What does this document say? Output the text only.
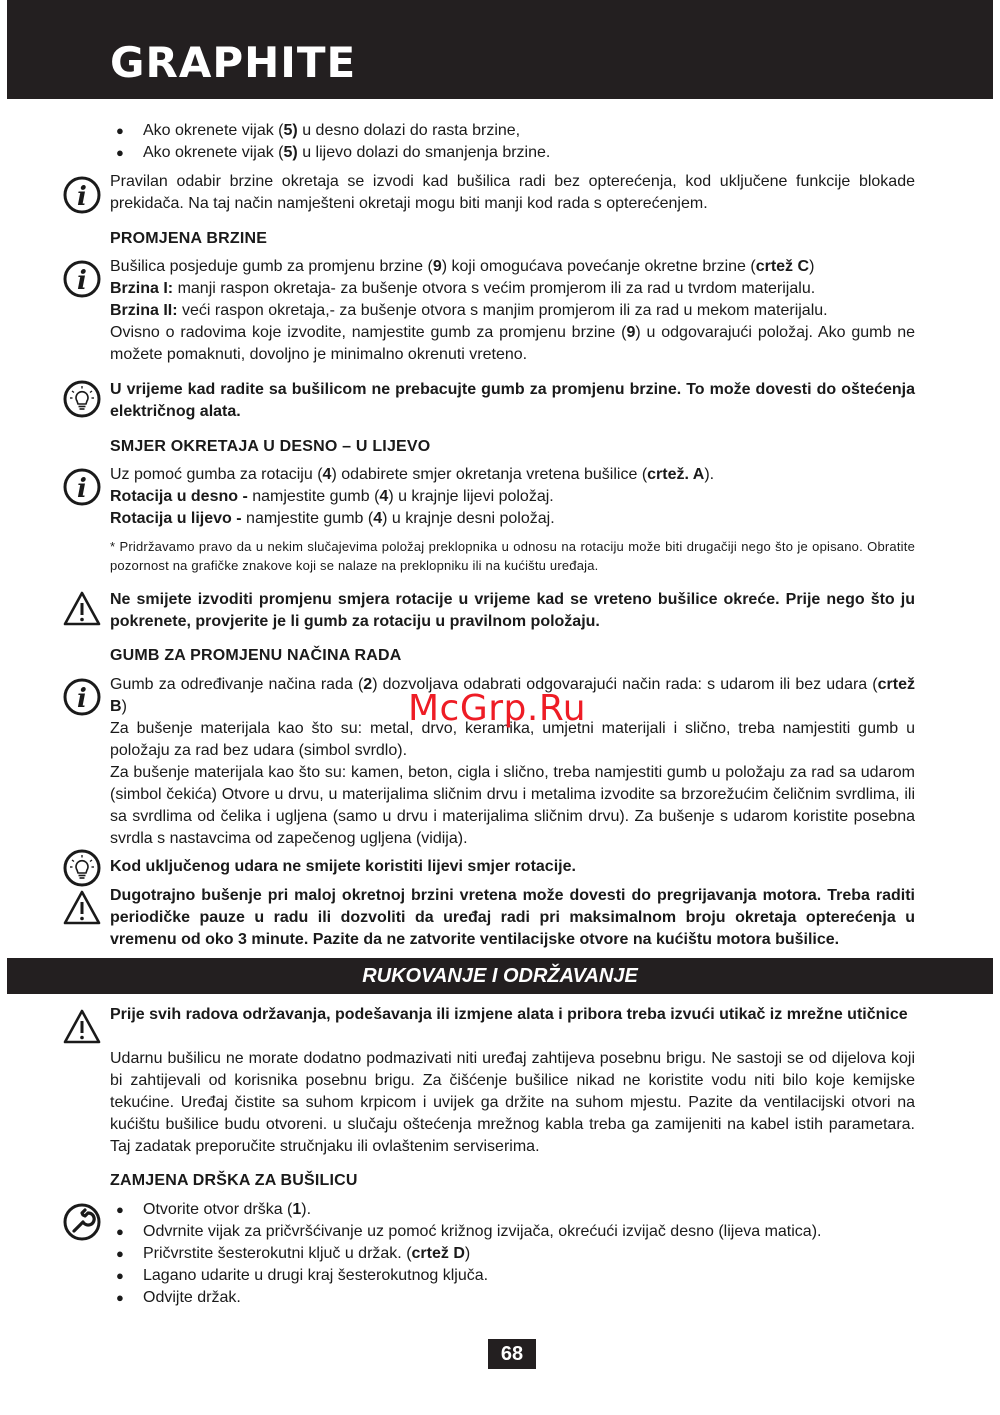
GRAPHITE
● Ako okrenete vijak (5) u desno dolazi do rasta brzine,
● Ako okrenete vijak (5) u lijevo dolazi do smanjenja brzine.
i
Pravilan odabir brzine okretaja se izvodi kad bušilica radi bez opterećenja, kod uključene funkcije blokade prekidača. Na taj način namješteni okretaji mogu biti manji kod rada s opterećenjem.
PROMJENA BRZINE
i Bušilica posjeduje gumb za promjenu brzine (9) koji omogućava povećanje okretne brzine (crtež C)
Brzina I: manji raspon okretaja- za bušenje otvora s većim promjerom ili za rad u tvrdom materijalu.
Brzina II: veći raspon okretaja,- za bušenje otvora s manjim promjerom ili za rad u mekom materijalu.
Ovisno o radovima koje izvodite, namjestite gumb za promjenu brzine (9) u odgovarajući položaj. Ako gumb ne možete pomaknuti, dovoljno je minimalno okrenuti vreteno.
U vrijeme kad radite sa bušilicom ne prebacujte gumb za promjenu brzine. To može dovesti do oštećenja električnog alata.
SMJER OKRETAJA U DESNO – U LIJEVO
i Uz pomoć gumba za rotaciju (4) odabirete smjer okretanja vretena bušilice (crtež. A).
Rotacija u desno - namjestite gumb (4) u krajnje lijevi položaj.
Rotacija u lijevo - namjestite gumb (4) u krajnje desni položaj.
* Pridržavamo pravo da u nekim slučajevima položaj preklopnika u odnosu na rotaciju može biti drugačiji nego što je opisano. Obratite pozornost na grafičke znakove koji se nalaze na preklopniku ili na kućištu uređaja.
Ne smijete izvoditi promjenu smjera rotacije u vrijeme kad se vreteno bušilice okreće. Prije nego što ju pokrenete, provjerite je li gumb za rotaciju u pravilnom položaju.
GUMB ZA PROMJENU NAČINA RADA
i Gumb za određivanje načina rada (2) dozvoljava odabrati odgovarajući način rada: s udarom ili bez udara (crtež B)
Za bušenje materijala kao što su: metal, drvo, keramika, umjetni materijali i slično, treba namjestiti gumb u položaju za rad bez udara (simbol svrdlo).
Za bušenje materijala kao što su: kamen, beton, cigla i slično, treba namjestiti gumb u položaju za rad sa udarom (simbol čekića) Otvore u drvu, u materijalima sličnim drvu i metalima izvodite sa brzorežućim čeličnim svrdlima, ili sa svrdlima od čelika i ugljena (samo u drvu i materijalima sličnim drvu). Za bušenje s udarom koristite posebna svrdla s nastavcima od zapečenog ugljena (vidija).
Kod uključenog udara ne smijete koristiti lijevi smjer rotacije.
Dugotrajno bušenje pri maloj okretnoj brzini vretena može dovesti do pregrijavanja motora. Treba raditi periodičke pauze u radu ili dozvoliti da uređaj radi pri maksimalnom broju okretaja opterećenja u vremenu od oko 3 minute. Pazite da ne zatvorite ventilacijske otvore na kućištu motora bušilice.
RUKOVANJE I ODRŽAVANJE
Prije svih radova održavanja, podešavanja ili izmjene alata i pribora treba izvući utikač iz mrežne utičnice
Udarnu bušilicu ne morate dodatno podmazivati niti uređaj zahtijeva posebnu brigu. Ne sastoji se od dijelova koji bi zahtijevali od korisnika posebnu brigu. Za čišćenje bušilice nikad ne koristite vodu niti bilo koje kemijske tekućine. Uređaj čistite sa suhom krpicom i uvijek ga držite na suhom mjestu. Pazite da ventilacijski otvori na kućištu bušilice budu otvoreni. u slučaju oštećenja mrežnog kabla treba ga zamijeniti na kabel istih parametara. Taj zadatak preporučite stručnjaku ili ovlaštenim serviserima.
ZAMJENA DRŠKA ZA BUŠILICU
● Otvorite otvor drška (1).
● Odvrnite vijak za pričvršćivanje uz pomoć križnog izvijača, okrećući izvijač desno (lijeva matica).
● Pričvrstite šesterokutni ključ u držak. (crtež D)
● Lagano udarite u drugi kraj šesterokutnog ključa.
● Odvijte držak.
McGrp.Ru
68
